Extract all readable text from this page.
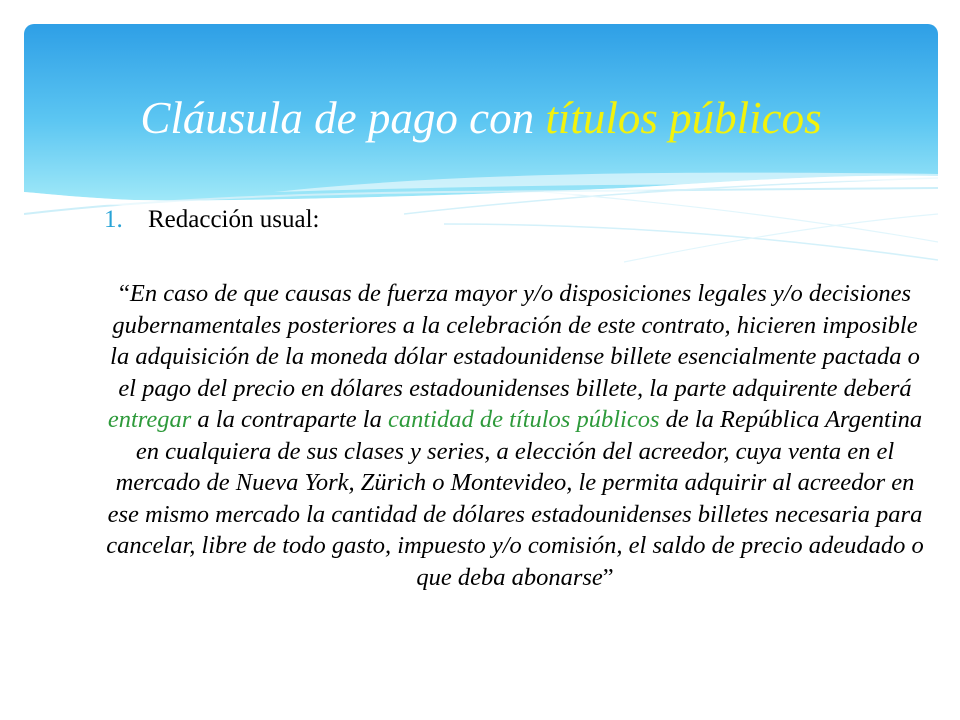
Cláusula de pago con títulos públicos
1. Redacción usual:
“En caso de que causas de fuerza mayor y/o disposiciones legales y/o decisiones gubernamentales posteriores a la celebración de este contrato, hicieren imposible la adquisición de la moneda dólar estadounidense billete esencialmente pactada o el pago del precio en dólares estadounidenses billete, la parte adquirente deberá entregar a la contraparte la cantidad de títulos públicos de la República Argentina en cualquiera de sus clases y series, a elección del acreedor, cuya venta en el mercado de Nueva York, Zürich o Montevideo, le permita adquirir al acreedor en ese mismo mercado la cantidad de dólares estadounidenses billetes necesaria para cancelar, libre de todo gasto, impuesto y/o comisión, el saldo de precio adeudado o que deba abonarse”
